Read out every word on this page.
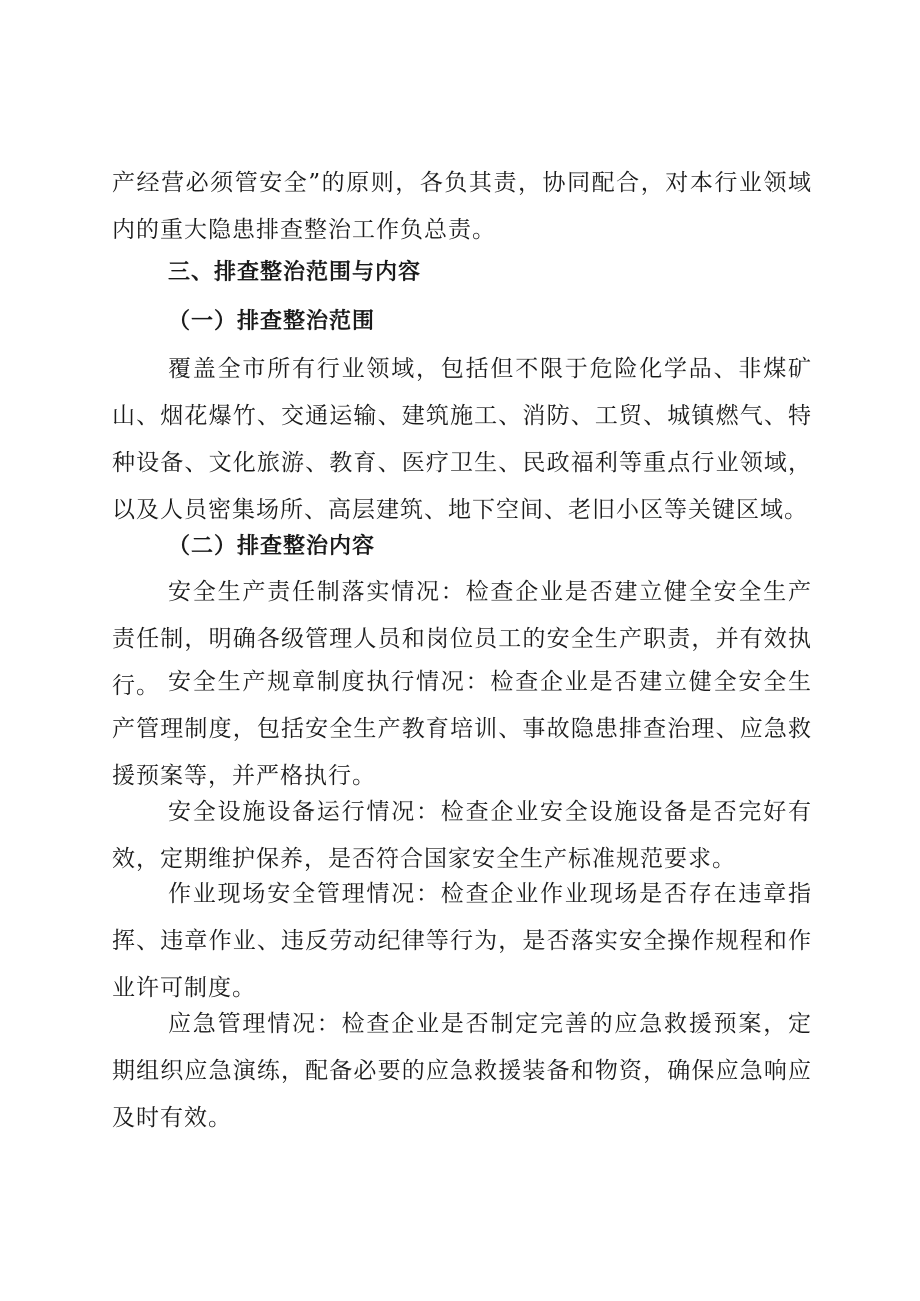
产经营必须管安全”的原则，各负其责，协同配合，对本行业领域内的重大隐患排查整治工作负总责。

三、排查整治范围与内容
（一）排查整治范围

覆盖全市所有行业领域，包括但不限于危险化学品、非煤矿山、烟花爆竹、交通运输、建筑施工、消防、工贸、城镇燃气、特种设备、文化旅游、教育、医疗卫生、民政福利等重点行业领域，以及人员密集场所、高层建筑、地下空间、老旧小区等关键区域。

（二）排查整治内容

安全生产责任制落实情况：检查企业是否建立健全安全生产责任制，明确各级管理人员和岗位员工的安全生产职责，并有效执行。 安全生产规章制度执行情况：检查企业是否建立健全安全生产管理制度，包括安全生产教育培训、事故隐患排查治理、应急救援预案等，并严格执行。

安全设施设备运行情况：检查企业安全设施设备是否完好有效，定期维护保养，是否符合国家安全生产标准规范要求。

作业现场安全管理情况：检查企业作业现场是否存在违章指挥、违章作业、违反劳动纪律等行为，是否落实安全操作规程和作业许可制度。

应急管理情况：检查企业是否制定完善的应急救援预案，定期组织应急演练，配备必要的应急救援装备和物资，确保应急响应及时有效。
